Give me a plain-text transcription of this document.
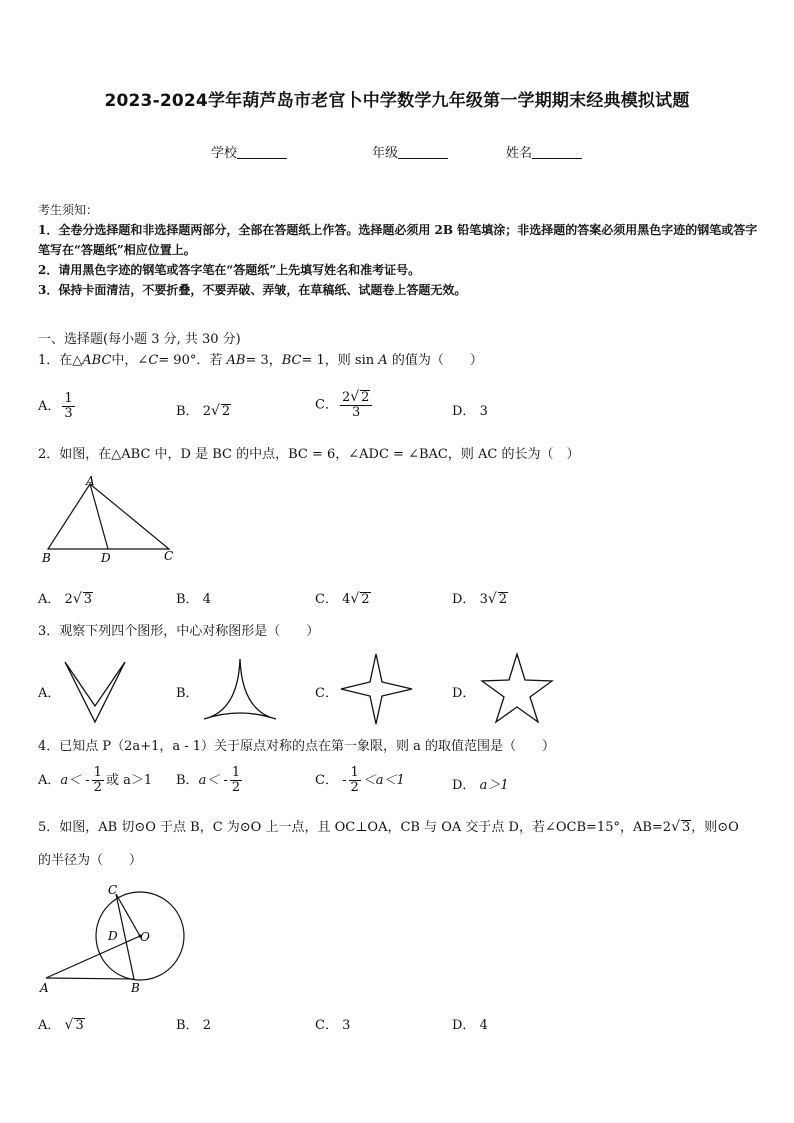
2023-2024学年葫芦岛市老官卜中学数学九年级第一学期期末经典模拟试题
学校	年级	姓名
考生须知：
1．全卷分选择题和非选择题两部分，全部在答题纸上作答。选择题必须用 2B 铅笔填涂；非选择题的答案必须用黑色字迹的钢笔或答字笔写在“答题纸”相应位置上。
2．请用黑色字迹的钢笔或答字笔在“答题纸”上先填写姓名和准考证号。
3．保持卡面清洁，不要折叠，不要弄破、弄皱，在草稿纸、试题卷上答题无效。
一、选择题(每小题 3 分, 共 30 分)
1．在△ABC中，∠C= 90°．若 AB= 3，BC= 1，则 sin A 的值为（　　）
A． $\frac{1}{3}$	B． 2√ 2	C． $\frac{2√ 2}{3}$	D． 3
2．如图，在△ABC 中，D 是 BC 的中点，BC = 6，∠ADC = ∠BAC，则 AC 的长为（　）
A
B	D	C
A． 2√ 3	B． 4	C． 4√ 2	D． 3√ 2
3．观察下列四个图形，中心对称图形是（　　）
A．	B．	C．	D．
4．已知点 P（2a+1，a - 1）关于原点对称的点在第一象限，则 a 的取值范围是（　　）
A．$a< - \frac{1}{2}$ 或 a＞1 B．$a< - \frac{1}{2}$	C． - $\frac{1}{2} <a<1$	D． a＞1
5．如图，AB 切⊙O 于点 B，C 为⊙O 上一点，且 OC⊥OA，CB 与 OA 交于点 D，若∠OCB=15°，AB=2√ 3，则⊙O
的半径为（　　）
C
D O
A	B
A． √ 3	B． 2	C． 3	D． 4
